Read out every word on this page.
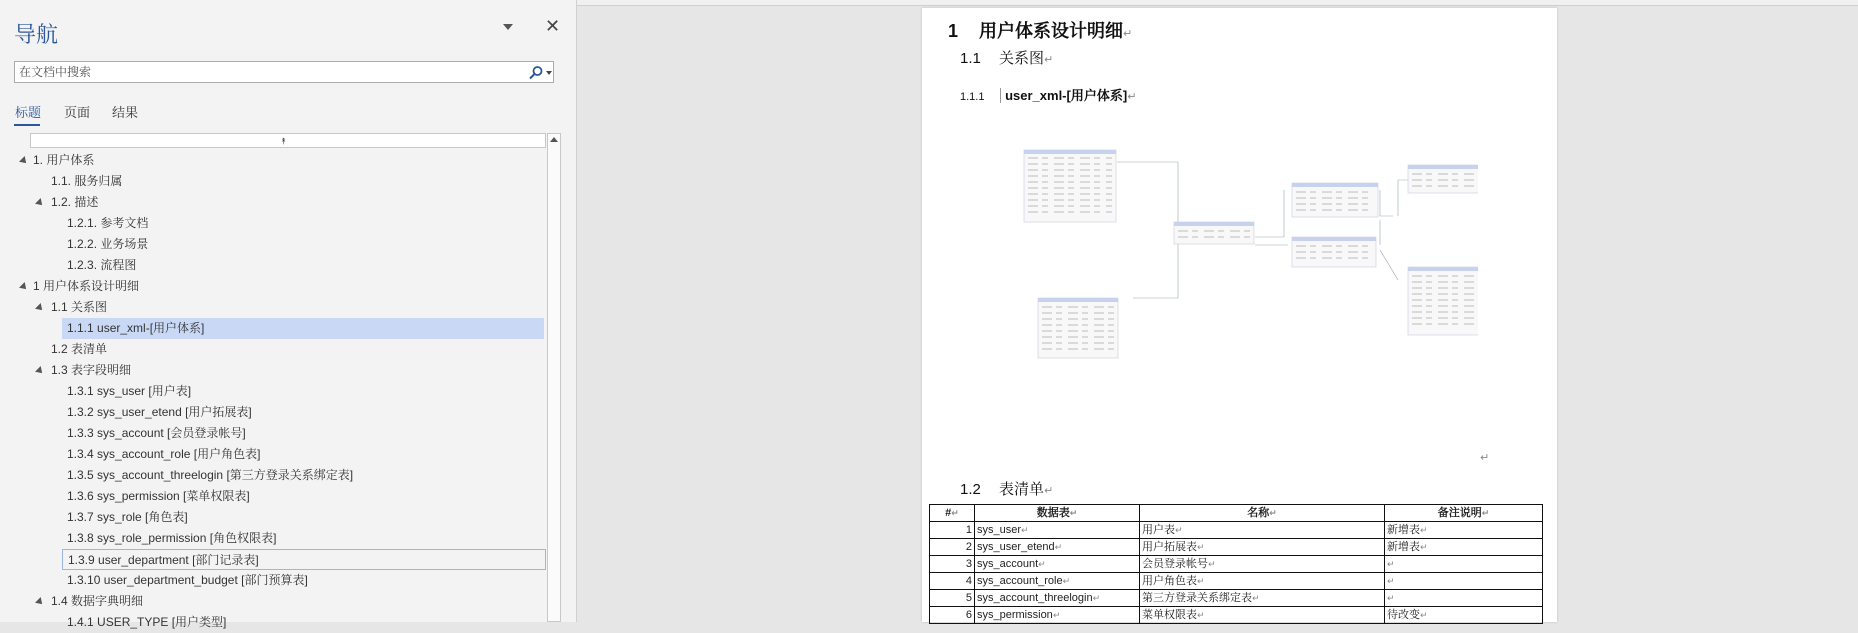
导航	✕
在文档中搜索
标题 页面 结果
⯭
1. 用户体系
1.1. 服务归属
1.2. 描述
1.2.1. 参考文档
1.2.2. 业务场景
1.2.3. 流程图
1 用户体系设计明细
1.1 关系图
1.1.1 user_xml-[用户体系]
1.2 表清单
1.3 表字段明细
1.3.1 sys_user [用户表]
1.3.2 sys_user_etend [用户拓展表]
1.3.3 sys_account [会员登录帐号]
1.3.4 sys_account_role [用户角色表]
1.3.5 sys_account_threelogin [第三方登录关系绑定表]
1.3.6 sys_permission [菜单权限表]
1.3.7 sys_role [角色表]
1.3.8 sys_role_permission [角色权限表]
1.3.9 user_department [部门记录表]
1.3.10 user_department_budget [部门预算表]
1.4 数据字典明细
1.4.1 USER_TYPE [用户类型]
1 用户体系设计明细↵
1.1 关系图↵
1.1.1 user_xml-[用户体系]↵
↵
1.2 表清单↵
#↵	数据表↵	名称↵	备注说明↵
1	sys_user↵	用户表↵	新增表↵
2	sys_user_etend↵	用户拓展表↵	新增表↵
3	sys_account↵	会员登录帐号↵	↵
4	sys_account_role↵	用户角色表↵	↵
5	sys_account_threelogin↵	第三方登录关系绑定表↵	↵
6	sys_permission↵	菜单权限表↵	待改变↵
